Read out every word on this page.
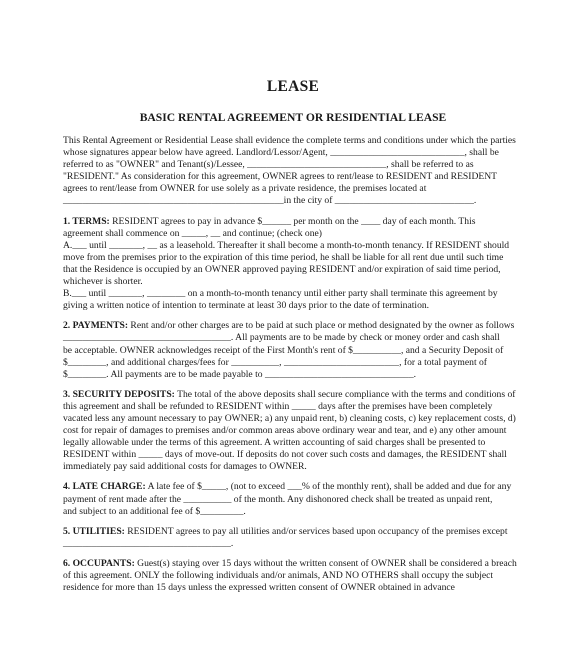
LEASE
BASIC RENTAL AGREEMENT OR RESIDENTIAL LEASE
This Rental Agreement or Residential Lease shall evidence the complete terms and conditions under which the parties
whose signatures appear below have agreed. Landlord/Lessor/Agent, ____________________________, shall be
referred to as "OWNER" and Tenant(s)/Lessee, _____________________________, shall be referred to as
"RESIDENT." As consideration for this agreement, OWNER agrees to rent/lease to RESIDENT and RESIDENT
agrees to rent/lease from OWNER for use solely as a private residence, the premises located at
______________________________________________in the city of _____________________________.
1. TERMS: RESIDENT agrees to pay in advance $______ per month on the ____ day of each month. This
agreement shall commence on _____, __ and continue; (check one)
A.___ until _______, __ as a leasehold. Thereafter it shall become a month-to-month tenancy. If RESIDENT should
move from the premises prior to the expiration of this time period, he shall be liable for all rent due until such time
that the Residence is occupied by an OWNER approved paying RESIDENT and/or expiration of said time period,
whichever is shorter.
B.___ until _______, ________ on a month-to-month tenancy until either party shall terminate this agreement by
giving a written notice of intention to terminate at least 30 days prior to the date of termination.
2. PAYMENTS: Rent and/or other charges are to be paid at such place or method designated by the owner as follows
___________________________________. All payments are to be made by check or money order and cash shall
be acceptable. OWNER acknowledges receipt of the First Month's rent of $__________, and a Security Deposit of
$________, and additional charges/fees for __________, ________________________, for a total payment of
$________. All payments are to be made payable to _______________________________.
3. SECURITY DEPOSITS: The total of the above deposits shall secure compliance with the terms and conditions of
this agreement and shall be refunded to RESIDENT within _____ days after the premises have been completely
vacated less any amount necessary to pay OWNER; a) any unpaid rent, b) cleaning costs, c) key replacement costs, d)
cost for repair of damages to premises and/or common areas above ordinary wear and tear, and e) any other amount
legally allowable under the terms of this agreement. A written accounting of said charges shall be presented to
RESIDENT within _____ days of move-out. If deposits do not cover such costs and damages, the RESIDENT shall
immediately pay said additional costs for damages to OWNER.
4. LATE CHARGE: A late fee of $_____, (not to exceed ___% of the monthly rent), shall be added and due for any
payment of rent made after the __________ of the month. Any dishonored check shall be treated as unpaid rent,
and subject to an additional fee of $_________.
5. UTILITIES: RESIDENT agrees to pay all utilities and/or services based upon occupancy of the premises except
___________________________________.
6. OCCUPANTS: Guest(s) staying over 15 days without the written consent of OWNER shall be considered a breach
of this agreement. ONLY the following individuals and/or animals, AND NO OTHERS shall occupy the subject
residence for more than 15 days unless the expressed written consent of OWNER obtained in advance
